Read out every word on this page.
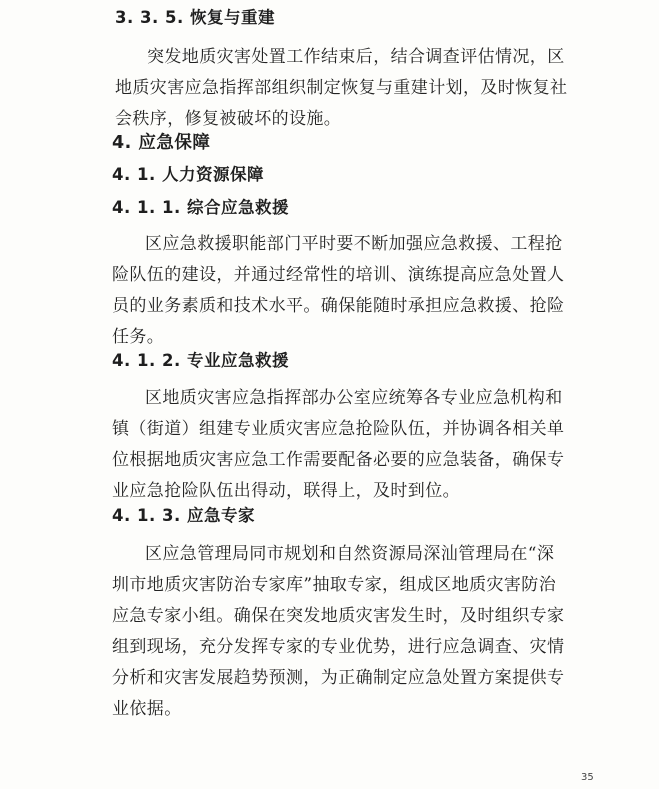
3. 3. 5. 恢复与重建
突发地质灾害处置工作结束后，结合调查评估情况，区
地质灾害应急指挥部组织制定恢复与重建计划，及时恢复社
会秩序，修复被破坏的设施。
4. 应急保障
4. 1. 人力资源保障
4. 1. 1. 综合应急救援
区应急救援职能部门平时要不断加强应急救援、工程抢
险队伍的建设，并通过经常性的培训、演练提高应急处置人
员的业务素质和技术水平。确保能随时承担应急救援、抢险
任务。
4. 1. 2. 专业应急救援
区地质灾害应急指挥部办公室应统筹各专业应急机构和
镇（街道）组建专业质灾害应急抢险队伍，并协调各相关单
位根据地质灾害应急工作需要配备必要的应急装备，确保专
业应急抢险队伍出得动，联得上，及时到位。
4. 1. 3. 应急专家
区应急管理局同市规划和自然资源局深汕管理局在“深
圳市地质灾害防治专家库”抽取专家，组成区地质灾害防治
应急专家小组。确保在突发地质灾害发生时，及时组织专家
组到现场，充分发挥专家的专业优势，进行应急调查、灾情
分析和灾害发展趋势预测，为正确制定应急处置方案提供专
业依据。
35
